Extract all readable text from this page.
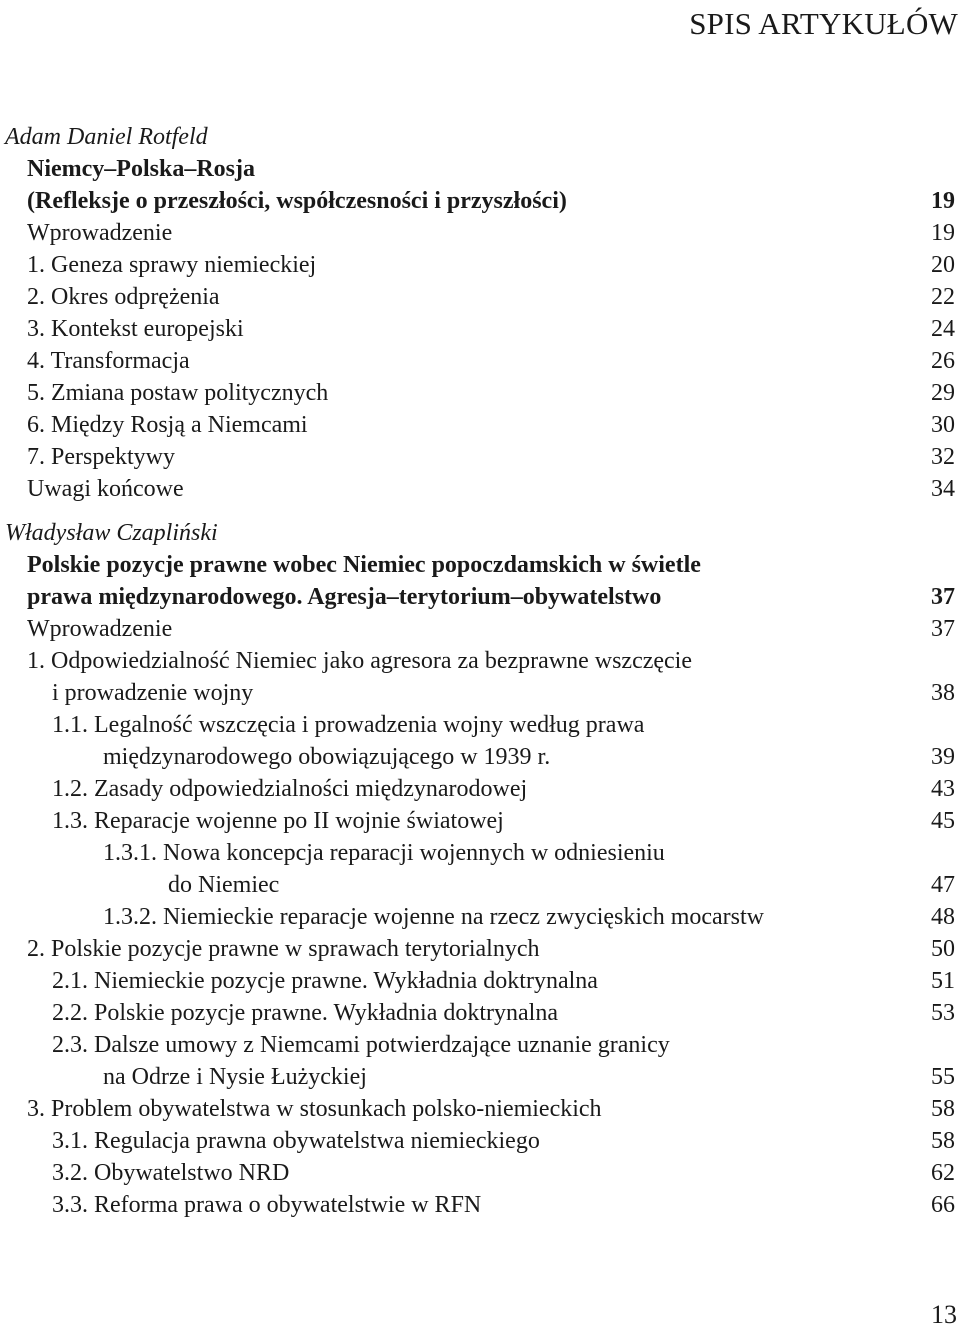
SPIS ARTYKUŁÓW
Adam Daniel Rotfeld
Niemcy–Polska–Rosja
(Refleksje o przeszłości, współczesności i przyszłości)	19
Wprowadzenie	19
1. Geneza sprawy niemieckiej	20
2. Okres odprężenia	22
3. Kontekst europejski	24
4. Transformacja	26
5. Zmiana postaw politycznych	29
6. Między Rosją a Niemcami	30
7. Perspektywy	32
Uwagi końcowe	34
Władysław Czapliński
Polskie pozycje prawne wobec Niemiec popoczdamskich w świetle
prawa międzynarodowego. Agresja–terytorium–obywatelstwo	37
Wprowadzenie	37
1. Odpowiedzialność Niemiec jako agresora za bezprawne wszczęcie
i prowadzenie wojny	38
1.1. Legalność wszczęcia i prowadzenia wojny według prawa
międzynarodowego obowiązującego w 1939 r.	39
1.2. Zasady odpowiedzialności międzynarodowej	43
1.3. Reparacje wojenne po II wojnie światowej	45
1.3.1. Nowa koncepcja reparacji wojennych w odniesieniu
do Niemiec	47
1.3.2. Niemieckie reparacje wojenne na rzecz zwycięskich mocarstw	48
2. Polskie pozycje prawne w sprawach terytorialnych	50
2.1. Niemieckie pozycje prawne. Wykładnia doktrynalna	51
2.2. Polskie pozycje prawne. Wykładnia doktrynalna	53
2.3. Dalsze umowy z Niemcami potwierdzające uznanie granicy
na Odrze i Nysie Łużyckiej	55
3. Problem obywatelstwa w stosunkach polsko-niemieckich	58
3.1. Regulacja prawna obywatelstwa niemieckiego	58
3.2. Obywatelstwo NRD	62
3.3. Reforma prawa o obywatelstwie w RFN	66
13
